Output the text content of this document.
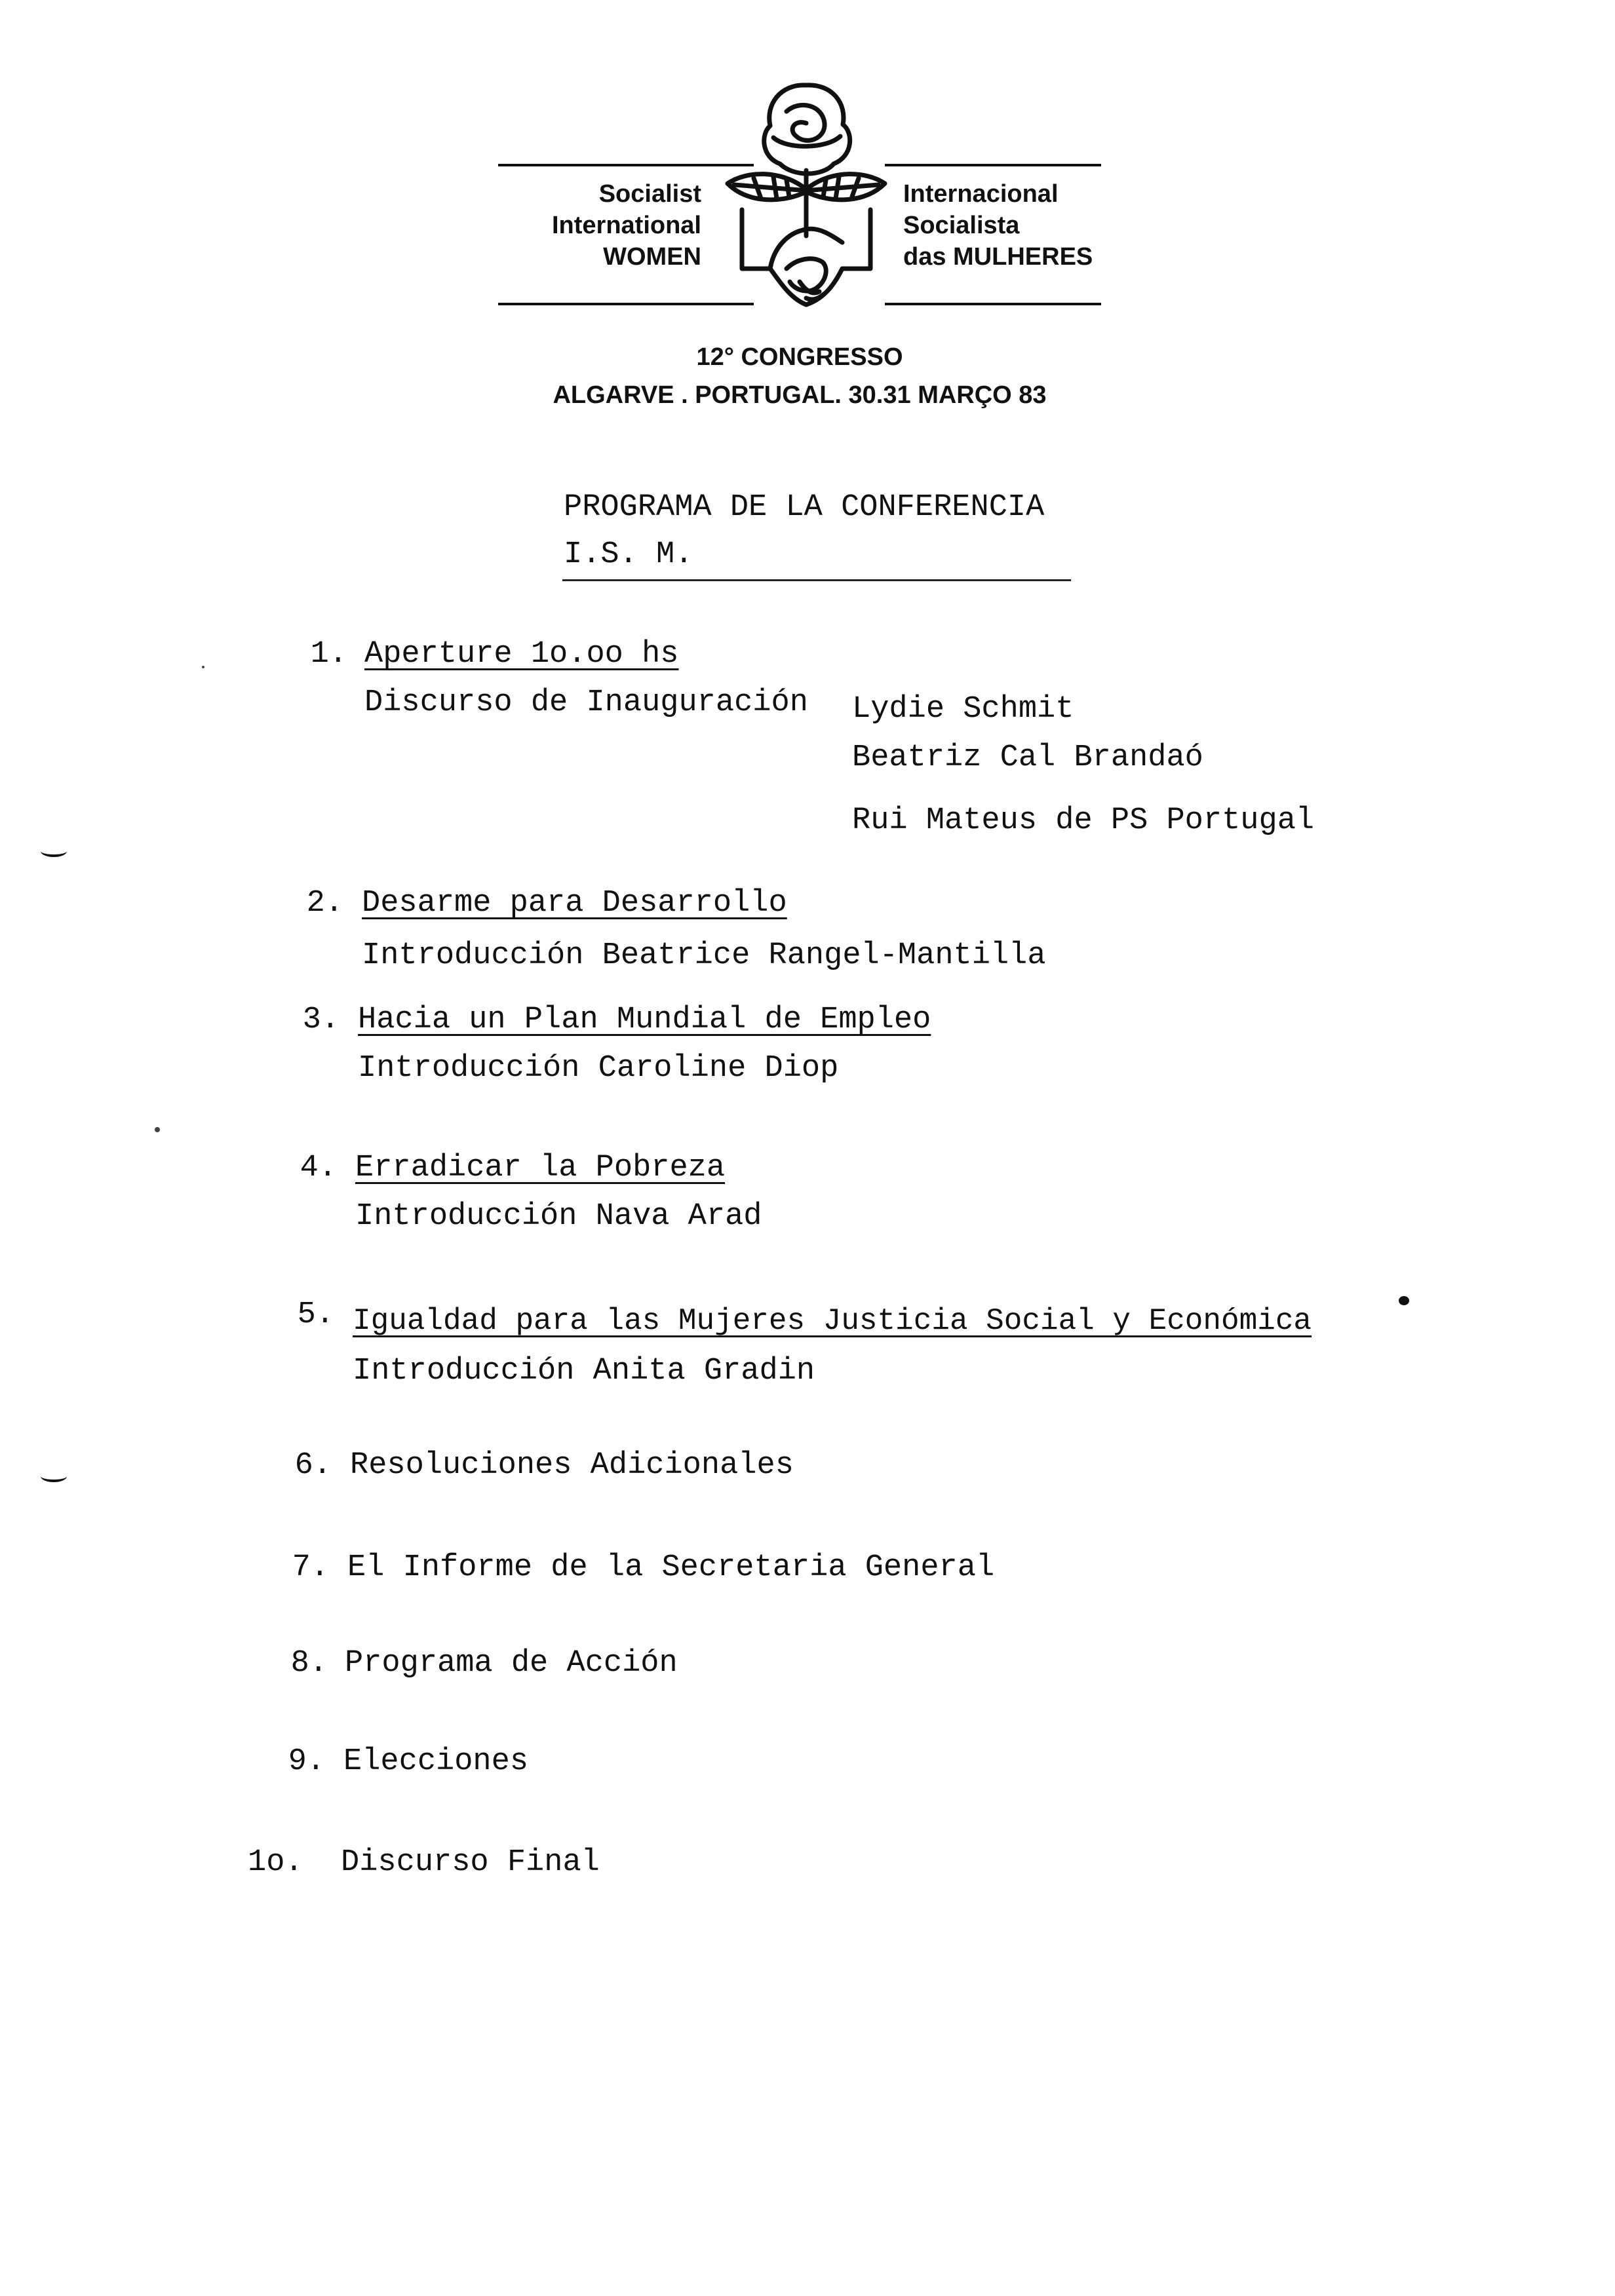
Socialist
International
WOMEN
Internacional
Socialista
das MULHERES
12° CONGRESSO
ALGARVE . PORTUGAL. 30.31 MARÇO 83
PROGRAMA DE LA CONFERENCIA
I.S. M.
1. Aperture 1o.oo hs
Discurso de Inauguración Lydie Schmit
Beatriz Cal Brandaó
Rui Mateus de PS Portugal
2. Desarme para Desarrollo
Introducción Beatrice Rangel-Mantilla
3. Hacia un Plan Mundial de Empleo
Introducción Caroline Diop
4. Erradicar la Pobreza
Introducción Nava Arad
5. Igualdad para las Mujeres Justicia Social y Económica
Introducción Anita Gradin
6. Resoluciones Adicionales
7. El Informe de la Secretaria General
8. Programa de Acción
9. Elecciones
1o. Discurso Final
